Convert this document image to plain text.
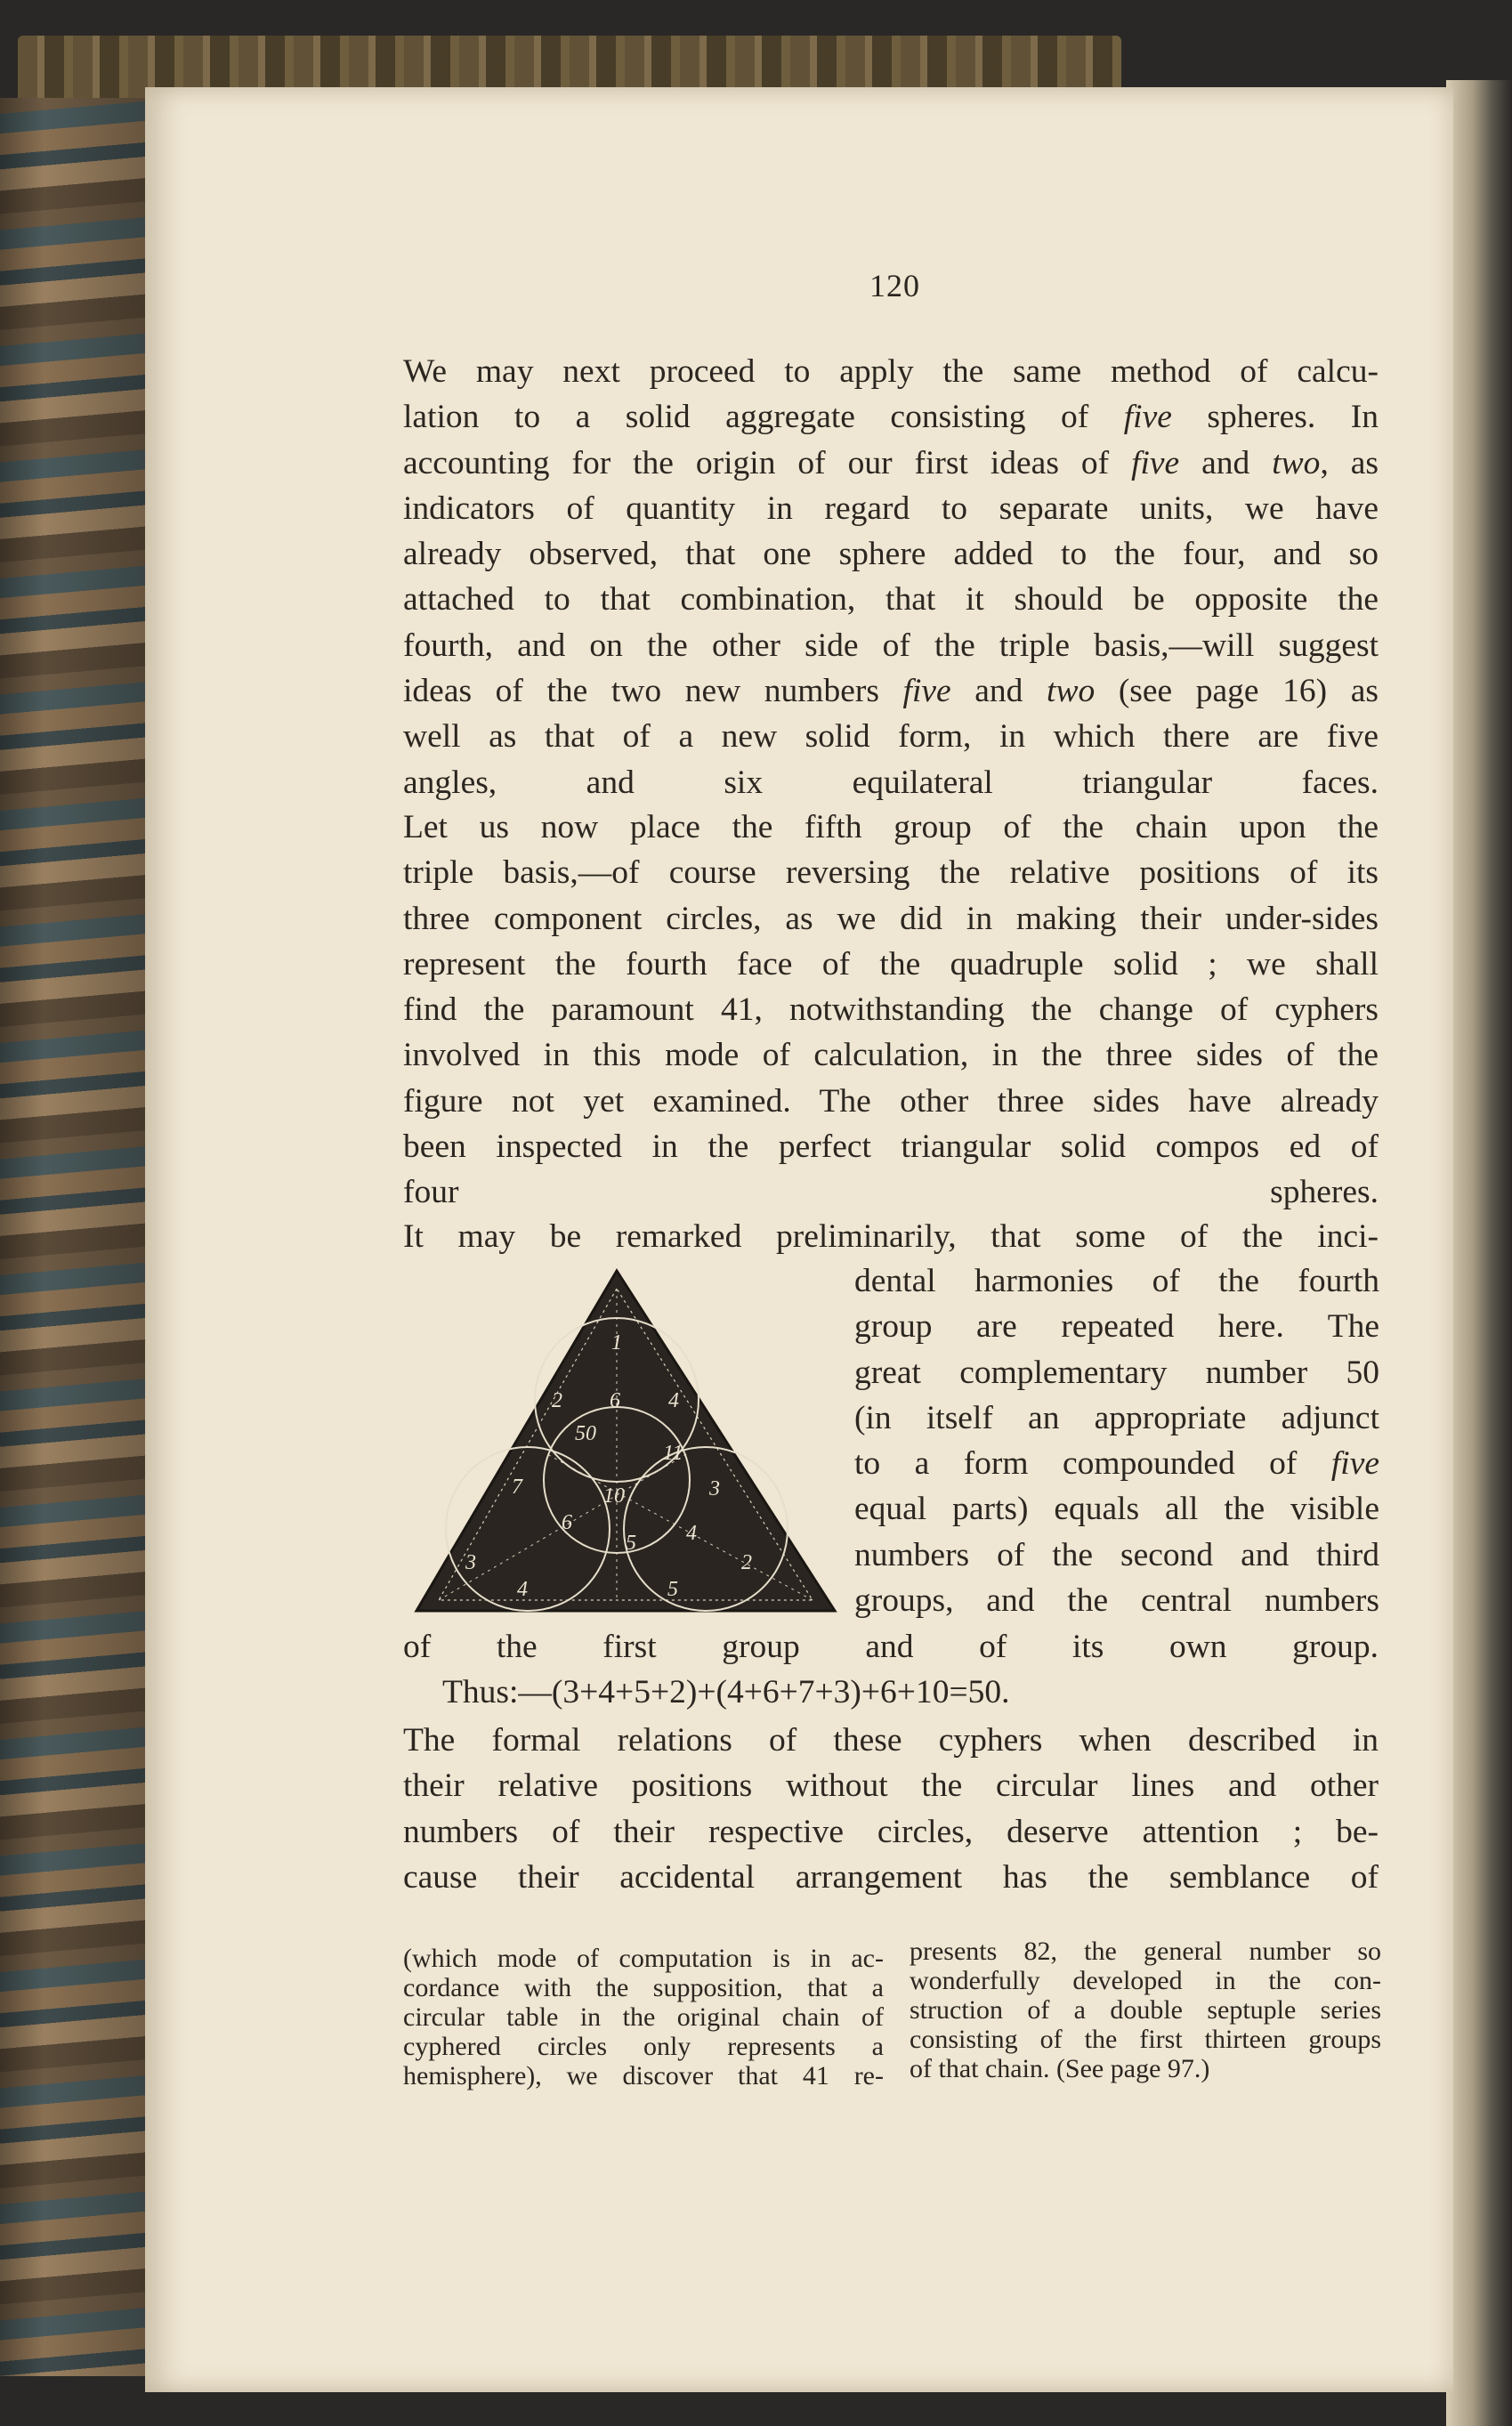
120
We may next proceed to apply the same method of calcu-
lation to a solid aggregate consisting of five spheres. In
accounting for the origin of our first ideas of five and two, as
indicators of quantity in regard to separate units, we have
already observed, that one sphere added to the four, and so
attached to that combination, that it should be opposite the
fourth, and on the other side of the triple basis,—will suggest
ideas of the two new numbers five and two (see page 16) as
well as that of a new solid form, in which there are five
angles, and six equilateral triangular faces.
Let us now place the fifth group of the chain upon the
triple basis,—of course reversing the relative positions of its
three component circles, as we did in making their under-sides
represent the fourth face of the quadruple solid ; we shall
find the paramount 41, notwithstanding the change of cyphers
involved in this mode of calculation, in the three sides of the
figure not yet examined. The other three sides have already
been inspected in the perfect triangular solid compos ed of
four spheres.
It may be remarked preliminarily, that some of the inci-
dental harmonies of the fourth
group are repeated here. The
great complementary number 50
(in itself an appropriate adjunct
to a form compounded of five
equal parts) equals all the visible
numbers of the second and third
groups, and the central numbers
of the first group and of its own group.
Thus:—(3+4+5+2)+(4+6+7+3)+6+10=50.
The formal relations of these cyphers when described in
their relative positions without the circular lines and other
numbers of their respective circles, deserve attention ; be-
cause their accidental arrangement has the semblance of
(which mode of computation is in ac-
cordance with the supposition, that a
circular table in the original chain of
cyphered circles only represents a
hemisphere), we discover that 41 re-
presents 82, the general number so
wonderfully developed in the con-
struction of a double septuple series
consisting of the first thirteen groups
of that chain. (See page 97.)
1
2 6 4
50
11
7	10	3
6
5 4
3
4
2
5
